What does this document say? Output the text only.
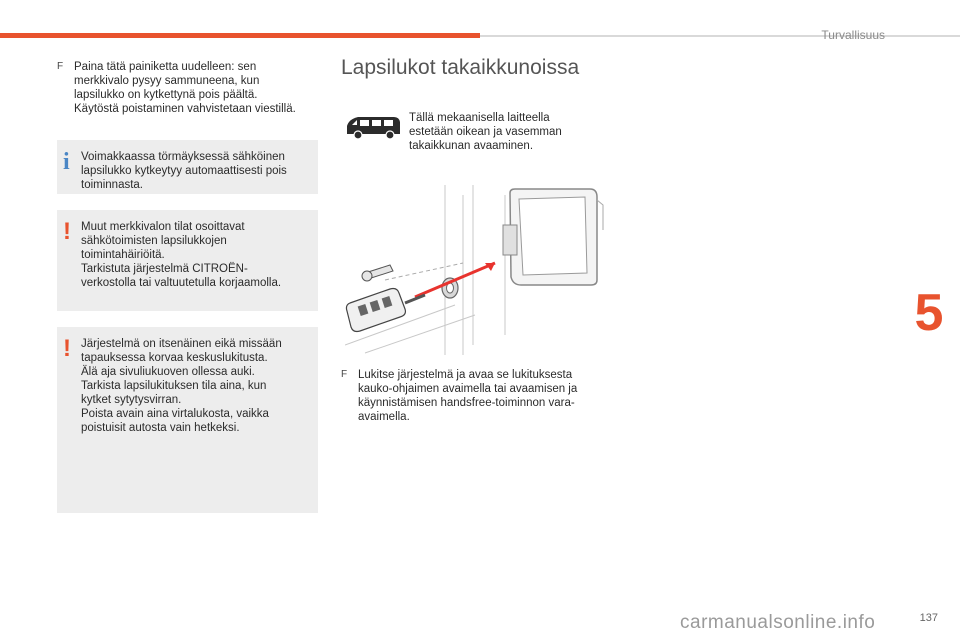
Turvallisuus
5
F Paina tätä painiketta uudelleen: sen
merkkivalo pysyy sammuneena, kun
lapsilukko on kytkettynä pois päältä.
Käytöstä poistaminen vahvistetaan viestillä.
i Voimakkaassa törmäyksessä sähköinen
lapsilukko kytkeytyy automaattisesti pois
toiminnasta.
! Muut merkkivalon tilat osoittavat
sähkötoimisten lapsilukkojen
toimintahäiriöitä.
Tarkistuta järjestelmä CITROËN-
verkostolla tai valtuutetulla korjaamolla.
! Järjestelmä on itsenäinen eikä missään
tapauksessa korvaa keskuslukitusta.
Älä aja sivuliukuoven ollessa auki.
Tarkista lapsilukituksen tila aina, kun
kytket sytytysvirran.
Poista avain aina virtalukosta, vaikka
poistuisit autosta vain hetkeksi.
Lapsilukot takaikkunoissa
Tällä mekaanisella laitteella
estetään oikean ja vasemman
takaikkunan avaaminen.
F Lukitse järjestelmä ja avaa se lukituksesta
kauko-ohjaimen avaimella tai avaamisen ja
käynnistämisen handsfree-toiminnon vara-
avaimella.
carmanualsonline.info	137
